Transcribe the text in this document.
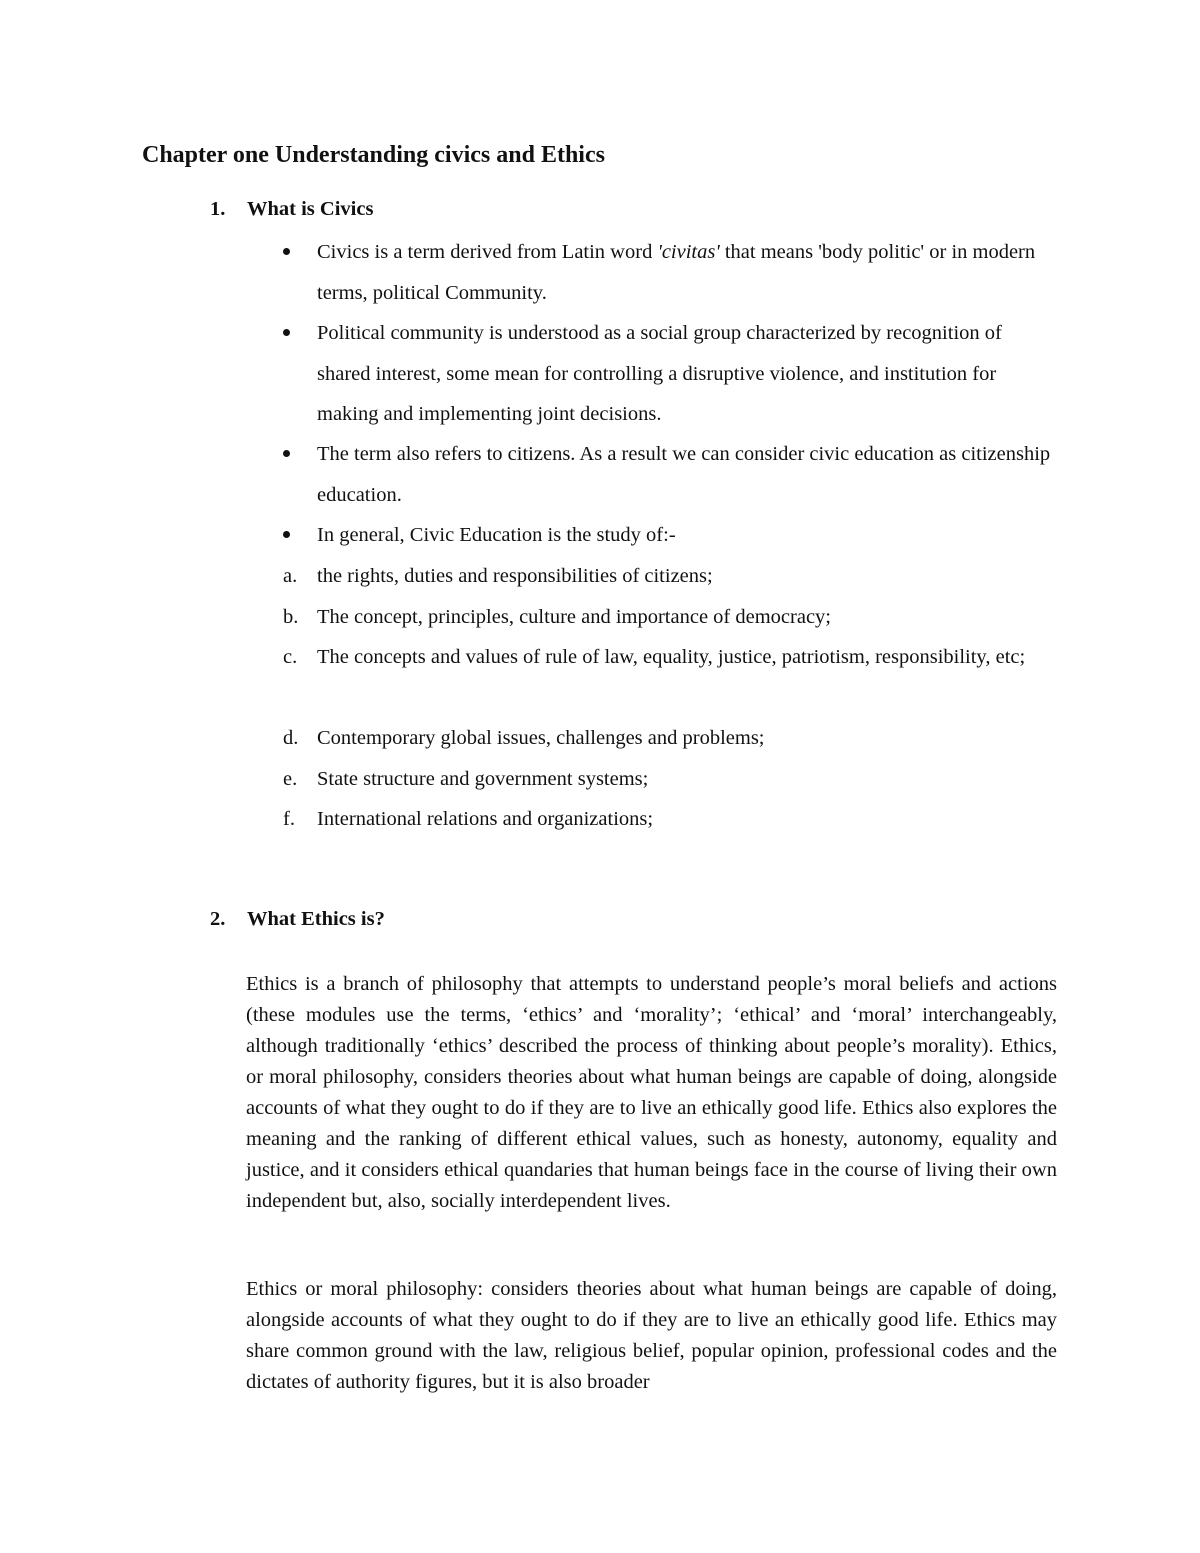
Chapter one Understanding civics and Ethics
1. What is Civics
Civics is a term derived from Latin word 'civitas' that means 'body politic' or in modern terms, political Community.
Political community is understood as a social group characterized by recognition of shared interest, some mean for controlling a disruptive violence, and institution for making and implementing joint decisions.
The term also refers to citizens. As a result we can consider civic education as citizenship education.
In general, Civic Education is the study of:-
a. the rights, duties and responsibilities of citizens;
b. The concept, principles, culture and importance of democracy;
c. The concepts and values of rule of law, equality, justice, patriotism, responsibility, etc;
d. Contemporary global issues, challenges and problems;
e. State structure and government systems;
f. International relations and organizations;
2. What Ethics is?

Ethics is a branch of philosophy that attempts to understand people’s moral beliefs and actions (these modules use the terms, ‘ethics’ and ‘morality’; ‘ethical’ and ‘moral’ interchangeably, although traditionally ‘ethics’ described the process of thinking about people’s morality). Ethics, or moral philosophy, considers theories about what human beings are capable of doing, alongside accounts of what they ought to do if they are to live an ethically good life. Ethics also explores the meaning and the ranking of different ethical values, such as honesty, autonomy, equality and justice, and it considers ethical quandaries that human beings face in the course of living their own independent but, also, socially interdependent lives.

Ethics or moral philosophy: considers theories about what human beings are capable of doing, alongside accounts of what they ought to do if they are to live an ethically good life. Ethics may share common ground with the law, religious belief, popular opinion, professional codes and the dictates of authority figures, but it is also broader
